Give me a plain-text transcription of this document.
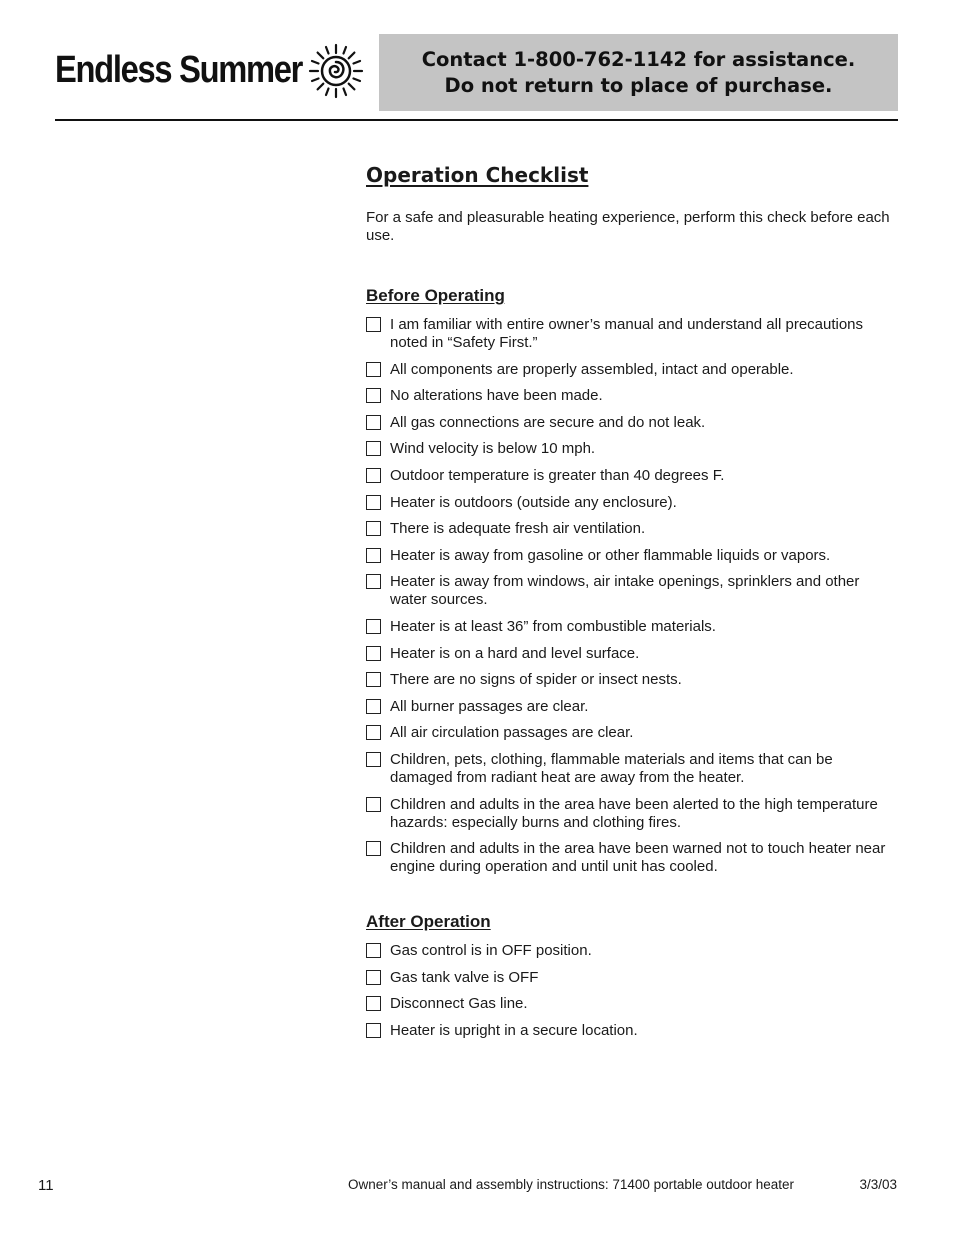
Endless Summer	Contact 1-800-762-1142 for assistance.
Do not return to place of purchase.
Operation Checklist
For a safe and pleasurable heating experience, perform this check before each use.
Before Operating
I am familiar with entire owner’s manual and understand all precautions noted in “Safety First.”
All components are properly assembled, intact and operable.
No alterations have been made.
All gas connections are secure and do not leak.
Wind velocity is below 10 mph.
Outdoor temperature is greater than 40 degrees F.
Heater is outdoors (outside any enclosure).
There is adequate fresh air ventilation.
Heater is away from gasoline or other flammable liquids or vapors.
Heater is away from windows, air intake openings, sprinklers and other water sources.
Heater is at least 36” from combustible materials.
Heater is on a hard and level surface.
There are no signs of spider or insect nests.
All burner passages are clear.
All air circulation passages are clear.
Children, pets, clothing, flammable materials and items that can be damaged from radiant heat are away from the heater.
Children and adults in the area have been alerted to the high temperature hazards: especially burns and clothing fires.
Children and adults in the area have been warned not to touch heater near engine during operation and until unit has cooled.
After Operation
Gas control is in OFF position.
Gas tank valve is OFF
Disconnect Gas line.
Heater is upright in a secure location.
11	Owner’s manual and assembly instructions: 71400 portable outdoor heater	3/3/03
